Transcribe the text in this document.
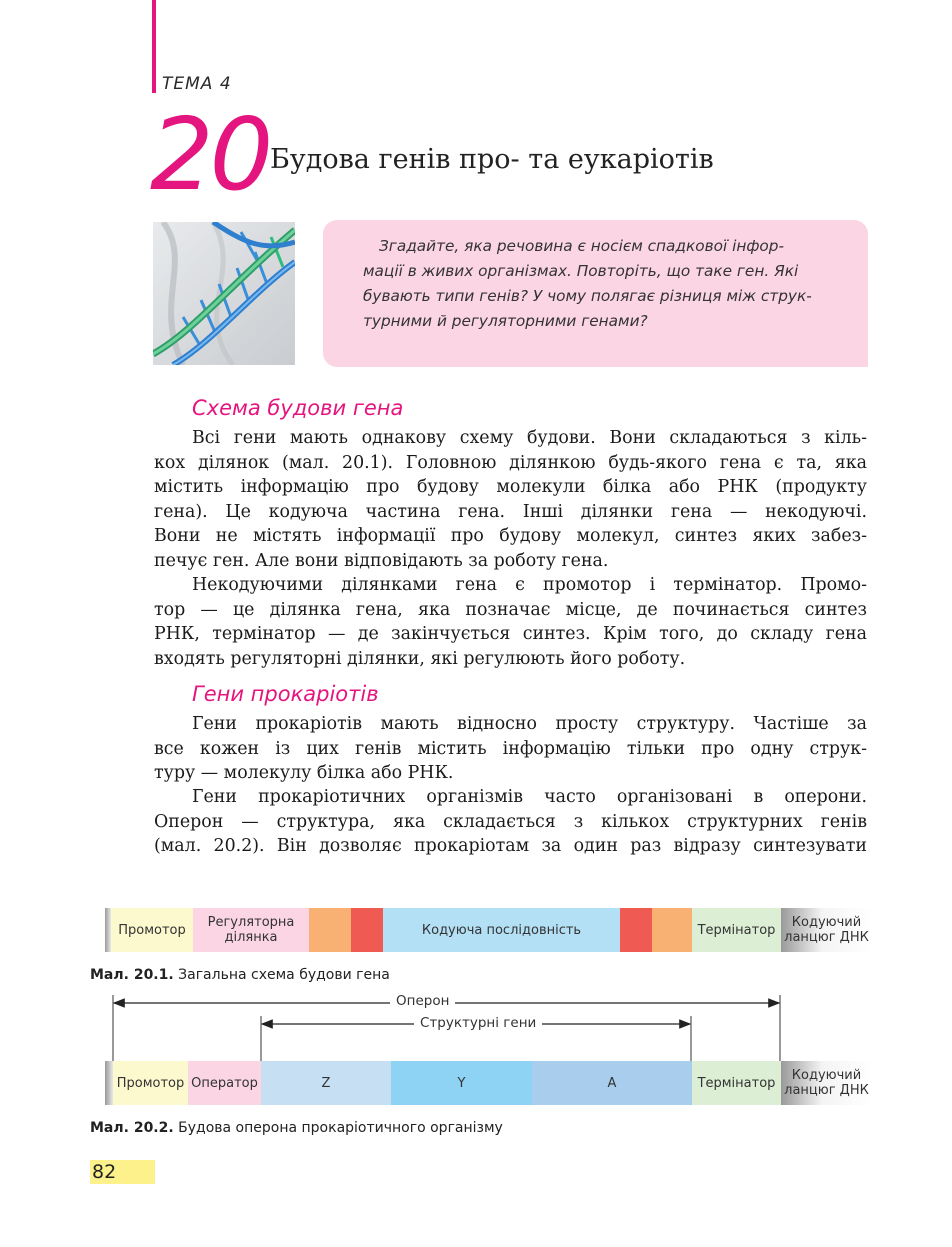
ТЕМА 4
20 Будова генів про- та еукаріотів
Згадайте, яка речовина є носієм спадкової інфор-
мації в живих організмах. Повторіть, що таке ген. Які
бувають типи генів? У чому полягає різниця між струк-
турними й регуляторними генами?
Схема будови гена
Всі гени мають однакову схему будови. Вони складаються з кіль-
кох ділянок (мал. 20.1). Головною ділянкою будь-якого гена є та, яка
містить інформацію про будову молекули білка або РНК (продукту
гена). Це кодуюча частина гена. Інші ділянки гена — некодуючі.
Вони не містять інформації про будову молекул, синтез яких забез-
печує ген. Але вони відповідають за роботу гена.
Некодуючими ділянками гена є промотор і термінатор. Промо-
тор — це ділянка гена, яка позначає місце, де починається синтез
РНК, термінатор — де закінчується синтез. Крім того, до складу гена
входять регуляторні ділянки, які регулюють його роботу.
Гени прокаріотів
Гени прокаріотів мають відносно просту структуру. Частіше за
все кожен із цих генів містить інформацію тільки про одну струк-
туру — молекулу білка або РНК.
Гени прокаріотичних організмів часто організовані в оперони.
Оперон — структура, яка складається з кількох структурних генів
(мал. 20.2). Він дозволяє прокаріотам за один раз відразу синтезувати
Промотор	Регуляторна ділянка	Кодуюча послідовність	Термінатор	Кодуючий ланцюг ДНК
Мал. 20.1. Загальна схема будови гена
Оперон
Структурні гени
Промотор Оператор	Z	Y	A	Термінатор	Кодуючий ланцюг ДНК
Мал. 20.2. Будова оперона прокаріотичного організму
82
